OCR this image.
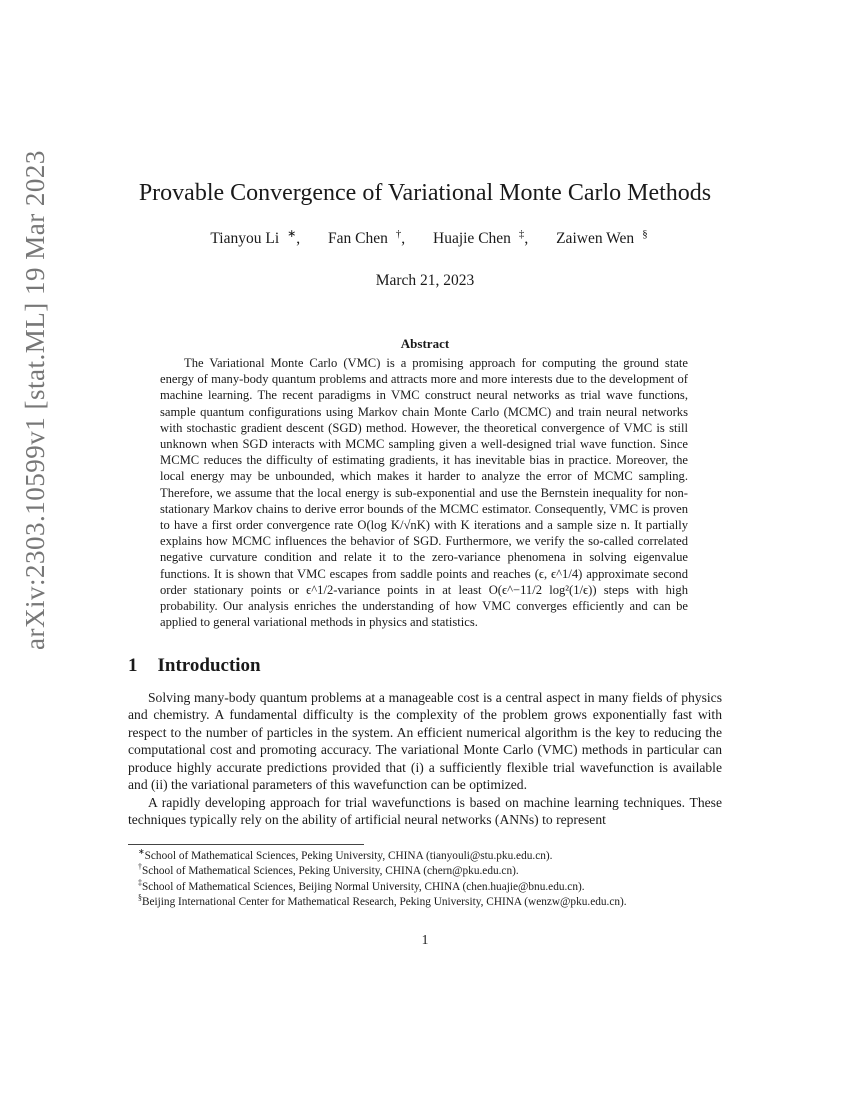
arXiv:2303.10599v1 [stat.ML] 19 Mar 2023	Provable Convergence of Variational Monte Carlo Methods
Tianyou Li ∗, Fan Chen †, Huajie Chen ‡, Zaiwen Wen §
March 21, 2023
Abstract
The Variational Monte Carlo (VMC) is a promising approach for computing the ground state energy of many-body quantum problems and attracts more and more interests due to the development of machine learning. The recent paradigms in VMC construct neural networks as trial wave functions, sample quantum configurations using Markov chain Monte Carlo (MCMC) and train neural networks with stochastic gradient descent (SGD) method. However, the theoretical convergence of VMC is still unknown when SGD interacts with MCMC sampling given a well-designed trial wave function. Since MCMC reduces the difficulty of estimating gradients, it has inevitable bias in practice. Moreover, the local energy may be unbounded, which makes it harder to analyze the error of MCMC sampling. Therefore, we assume that the local energy is sub-exponential and use the Bernstein inequality for non-stationary Markov chains to derive error bounds of the MCMC estimator. Consequently, VMC is proven to have a first order convergence rate O(log K/√nK) with K iterations and a sample size n. It partially explains how MCMC influences the behavior of SGD. Furthermore, we verify the so-called correlated negative curvature condition and relate it to the zero-variance phenomena in solving eigenvalue functions. It is shown that VMC escapes from saddle points and reaches (ϵ, ϵ^1/4) approximate second order stationary points or ϵ^1/2-variance points in at least O(ϵ^−11/2 log²(1/ϵ)) steps with high probability. Our analysis enriches the understanding of how VMC converges efficiently and can be applied to general variational methods in physics and statistics.
1 Introduction
Solving many-body quantum problems at a manageable cost is a central aspect in many fields of physics and chemistry. A fundamental difficulty is the complexity of the problem grows exponentially fast with respect to the number of particles in the system. An efficient numerical algorithm is the key to reducing the computational cost and promoting accuracy. The variational Monte Carlo (VMC) methods in particular can produce highly accurate predictions provided that (i) a sufficiently flexible trial wavefunction is available and (ii) the variational parameters of this wavefunction can be optimized.
A rapidly developing approach for trial wavefunctions is based on machine learning techniques. These techniques typically rely on the ability of artificial neural networks (ANNs) to represent
∗School of Mathematical Sciences, Peking University, CHINA (tianyouli@stu.pku.edu.cn).
†School of Mathematical Sciences, Peking University, CHINA (chern@pku.edu.cn).
‡School of Mathematical Sciences, Beijing Normal University, CHINA (chen.huajie@bnu.edu.cn).
§Beijing International Center for Mathematical Research, Peking University, CHINA (wenzw@pku.edu.cn).
1
